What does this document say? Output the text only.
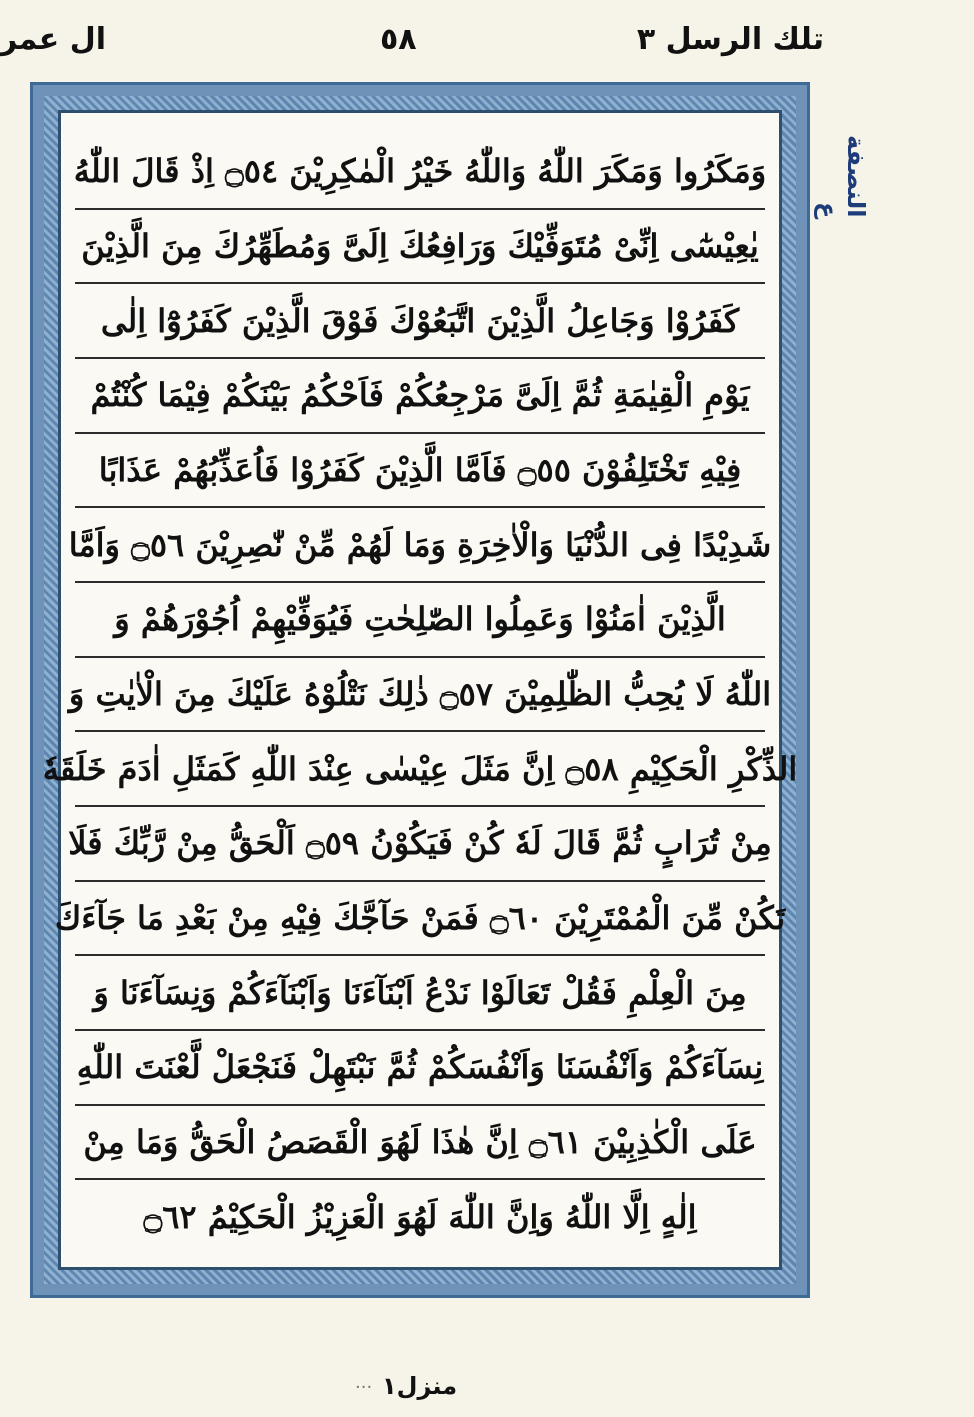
تلك الرسل ٣
٥٨
ال عمر
وَمَكَرُوا وَمَكَرَ اللّٰهُ وَاللّٰهُ خَيْرُ الْمٰكِرِيْنَ ۝٥٤ اِذْ قَالَ اللّٰهُ
يٰعِيْسٰٓى اِنِّىْ مُتَوَفِّيْكَ وَرَافِعُكَ اِلَىَّ وَمُطَهِّرُكَ مِنَ الَّذِيْنَ
كَفَرُوْا وَجَاعِلُ الَّذِيْنَ اتَّبَعُوْكَ فَوْقَ الَّذِيْنَ كَفَرُوْٓا اِلٰى
يَوْمِ الْقِيٰمَةِ ثُمَّ اِلَىَّ مَرْجِعُكُمْ فَاَحْكُمُ بَيْنَكُمْ فِيْمَا كُنْتُمْ
فِيْهِ تَخْتَلِفُوْنَ ۝٥٥ فَاَمَّا الَّذِيْنَ كَفَرُوْا فَاُعَذِّبُهُمْ عَذَابًا
شَدِيْدًا فِى الدُّنْيَا وَالْاٰخِرَةِ وَمَا لَهُمْ مِّنْ نّٰصِرِيْنَ ۝٥٦ وَاَمَّا
الَّذِيْنَ اٰمَنُوْا وَعَمِلُوا الصّٰلِحٰتِ فَيُوَفِّيْهِمْ اُجُوْرَهُمْ وَ
اللّٰهُ لَا يُحِبُّ الظّٰلِمِيْنَ ۝٥٧ ذٰلِكَ نَتْلُوْهُ عَلَيْكَ مِنَ الْاٰيٰتِ وَ
الذِّكْرِ الْحَكِيْمِ ۝٥٨ اِنَّ مَثَلَ عِيْسٰى عِنْدَ اللّٰهِ كَمَثَلِ اٰدَمَ خَلَقَهٗ
مِنْ تُرَابٍ ثُمَّ قَالَ لَهٗ كُنْ فَيَكُوْنُ ۝٥٩ اَلْحَقُّ مِنْ رَّبِّكَ فَلَا
تَكُنْ مِّنَ الْمُمْتَرِيْنَ ۝٦٠ فَمَنْ حَآجَّكَ فِيْهِ مِنْ بَعْدِ مَا جَآءَكَ
مِنَ الْعِلْمِ فَقُلْ تَعَالَوْا نَدْعُ اَبْنَآءَنَا وَاَبْنَآءَكُمْ وَنِسَآءَنَا وَ
نِسَآءَكُمْ وَاَنْفُسَنَا وَاَنْفُسَكُمْ ثُمَّ نَبْتَهِلْ فَنَجْعَلْ لَّعْنَتَ اللّٰهِ
عَلَى الْكٰذِبِيْنَ ۝٦١ اِنَّ هٰذَا لَهُوَ الْقَصَصُ الْحَقُّ وَمَا مِنْ
اِلٰهٍ اِلَّا اللّٰهُ وَاِنَّ اللّٰهَ لَهُوَ الْعَزِيْزُ الْحَكِيْمُ ۝٦٢
النصفة ع
... منزل١
